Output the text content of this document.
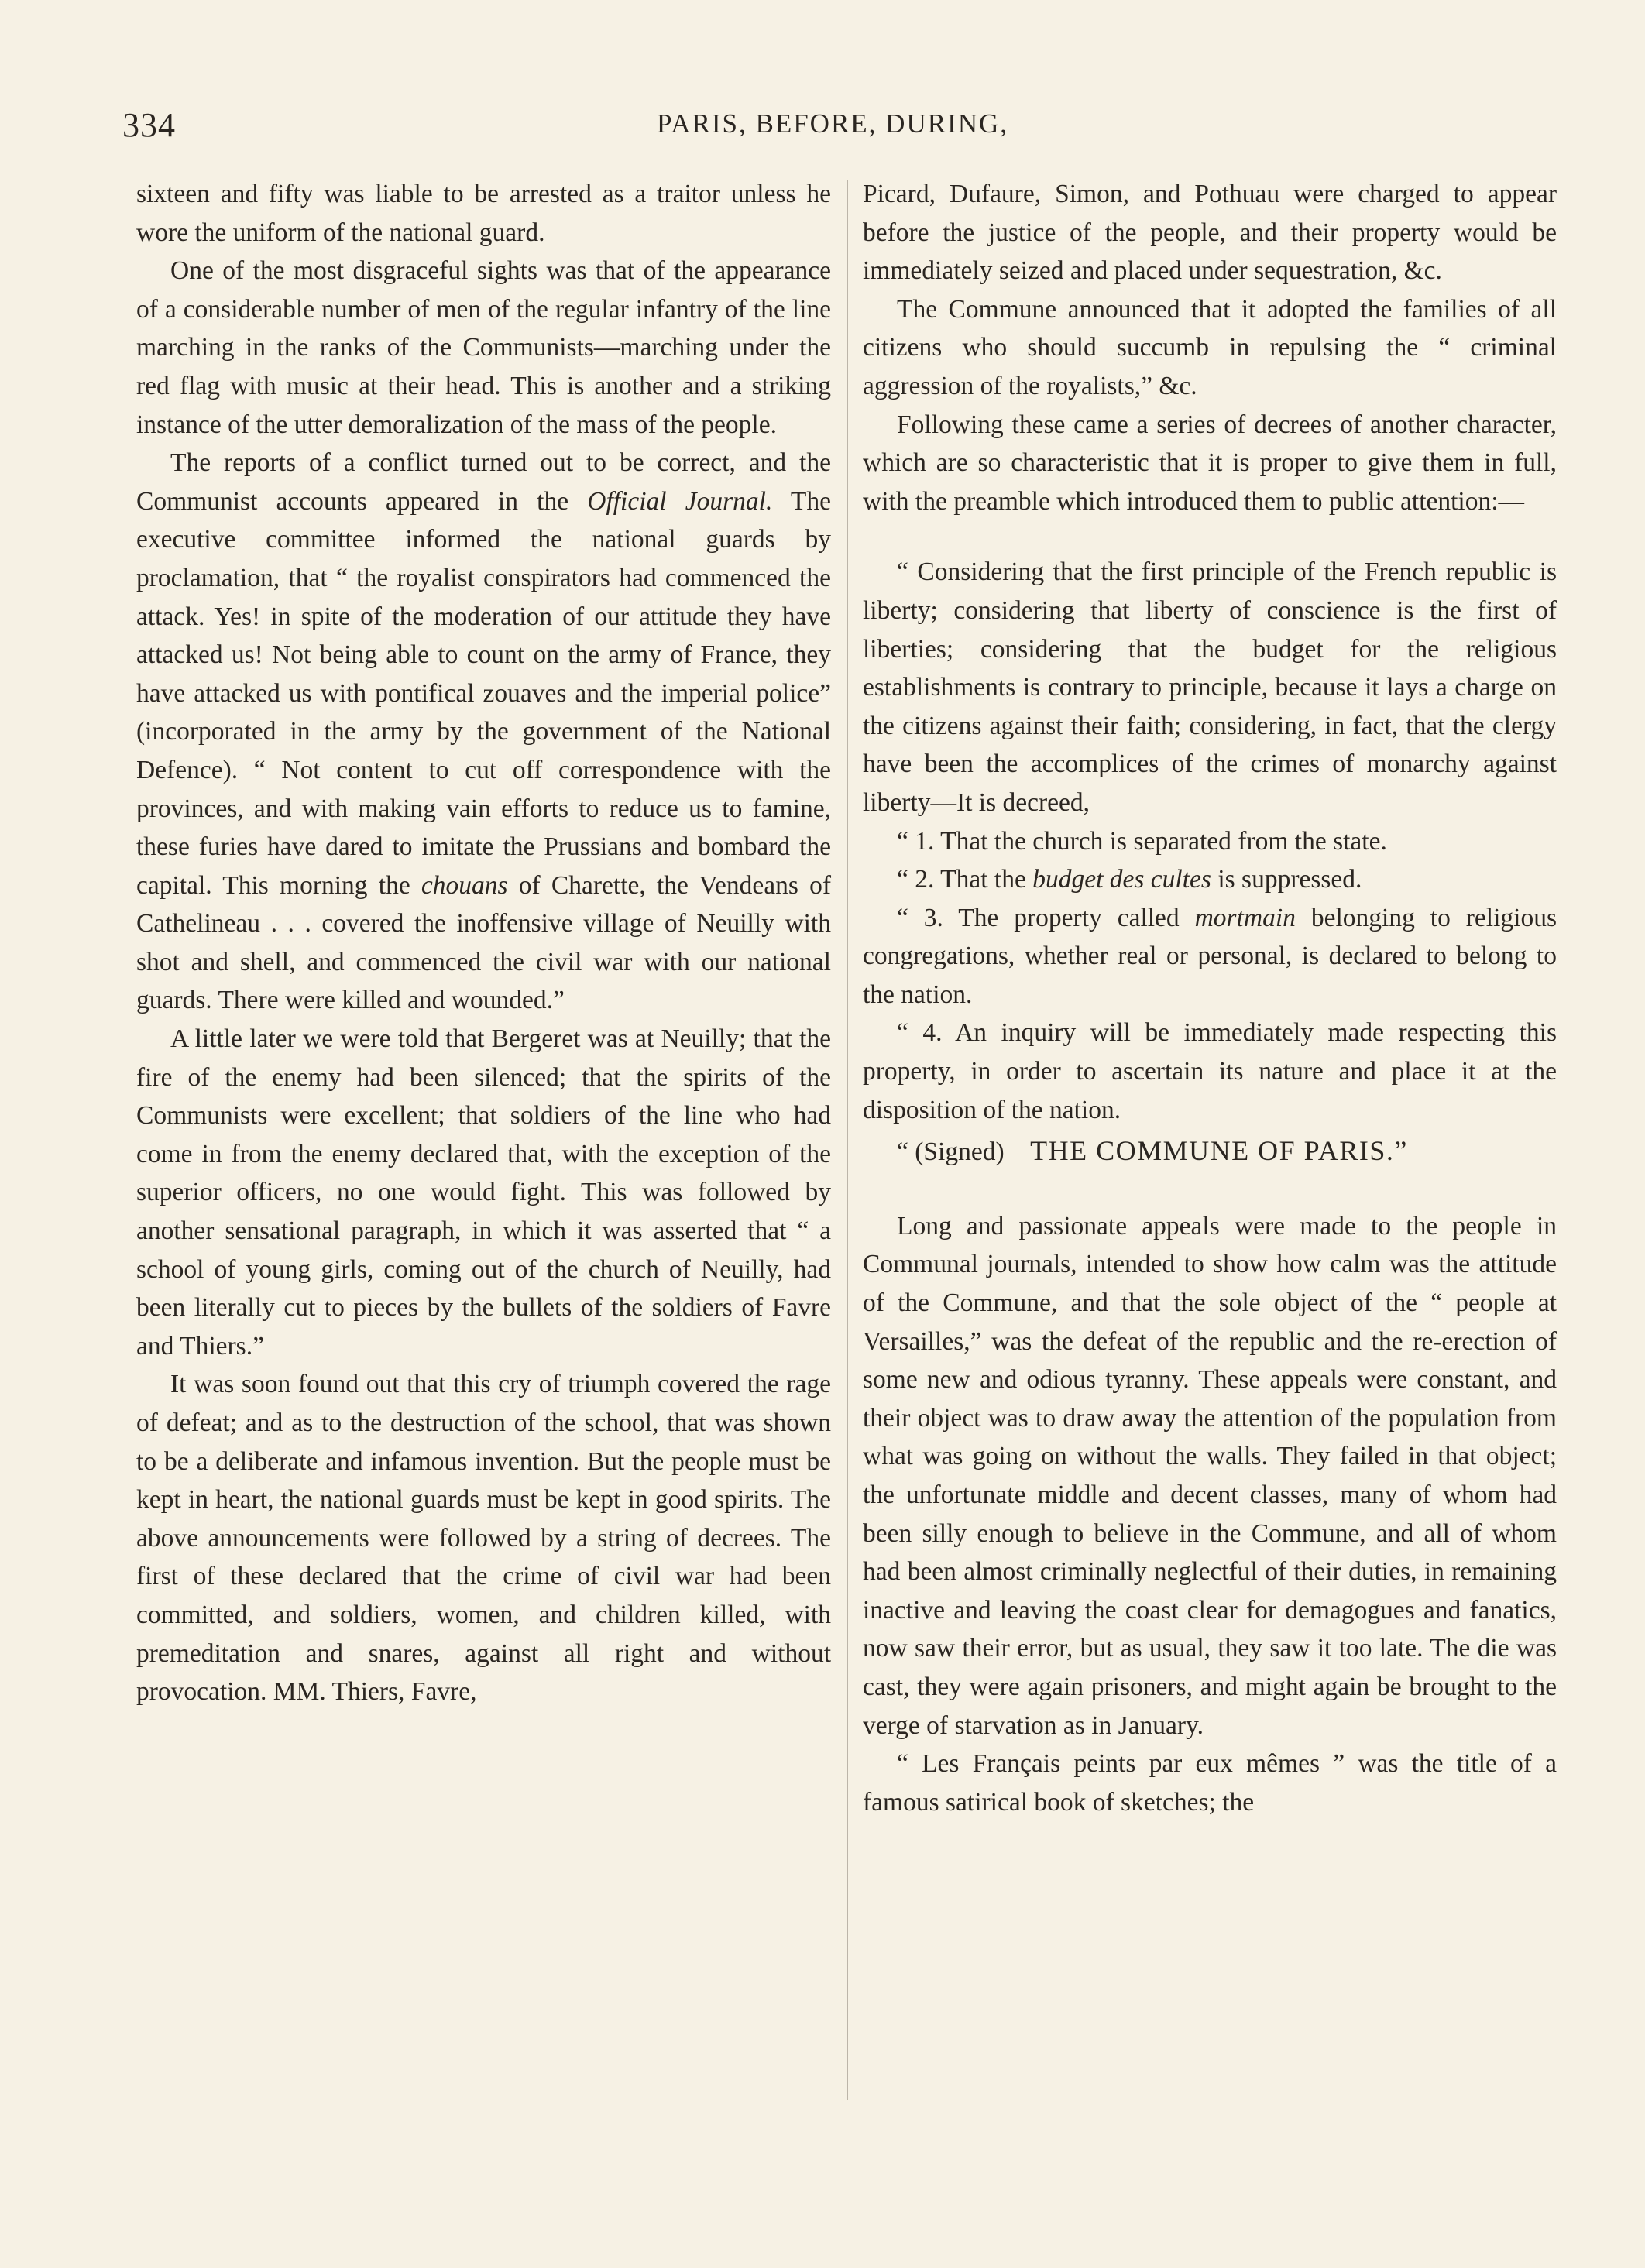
334	PARIS, BEFORE, DURING,

sixteen and fifty was liable to be arrested as a traitor unless he wore the uniform of the national guard.

One of the most disgraceful sights was that of the appearance of a considerable number of men of the regular infantry of the line marching in the ranks of the Communists—marching under the red flag with music at their head. This is another and a striking instance of the utter demoralization of the mass of the people.

The reports of a conflict turned out to be correct, and the Communist accounts appeared in the Official Journal. The executive committee informed the national guards by proclamation, that “ the royalist conspirators had commenced the attack. Yes! in spite of the moderation of our attitude they have attacked us! Not being able to count on the army of France, they have attacked us with pontifical zouaves and the imperial police” (incorporated in the army by the government of the National Defence). “ Not content to cut off correspondence with the provinces, and with making vain efforts to reduce us to famine, these furies have dared to imitate the Prussians and bombard the capital. This morning the chouans of Charette, the Vendeans of Cathelineau . . . covered the inoffensive village of Neuilly with shot and shell, and commenced the civil war with our national guards. There were killed and wounded.”

A little later we were told that Bergeret was at Neuilly; that the fire of the enemy had been silenced; that the spirits of the Communists were excellent; that soldiers of the line who had come in from the enemy declared that, with the exception of the superior officers, no one would fight. This was followed by another sensational paragraph, in which it was asserted that “ a school of young girls, coming out of the church of Neuilly, had been literally cut to pieces by the bullets of the soldiers of Favre and Thiers.”

It was soon found out that this cry of triumph covered the rage of defeat; and as to the destruction of the school, that was shown to be a deliberate and infamous invention. But the people must be kept in heart, the national guards must be kept in good spirits. The above announcements were followed by a string of decrees. The first of these declared that the crime of civil war had been committed, and soldiers, women, and children killed, with premeditation and snares, against all right and without provocation. MM. Thiers, Favre,

Picard, Dufaure, Simon, and Pothuau were charged to appear before the justice of the people, and their property would be immediately seized and placed under sequestration, &c.

The Commune announced that it adopted the families of all citizens who should succumb in repulsing the “ criminal aggression of the royalists,” &c.

Following these came a series of decrees of another character, which are so characteristic that it is proper to give them in full, with the preamble which introduced them to public attention:—

“ Considering that the first principle of the French republic is liberty; considering that liberty of conscience is the first of liberties; considering that the budget for the religious establishments is contrary to principle, because it lays a charge on the citizens against their faith; considering, in fact, that the clergy have been the accomplices of the crimes of monarchy against liberty—It is decreed,

“ 1. That the church is separated from the state.

“ 2. That the budget des cultes is suppressed.

“ 3. The property called mortmain belonging to religious congregations, whether real or personal, is declared to belong to the nation.

“ 4. An inquiry will be immediately made respecting this property, in order to ascertain its nature and place it at the disposition of the nation.

“ (Signed) THE COMMUNE OF PARIS.”

Long and passionate appeals were made to the people in Communal journals, intended to show how calm was the attitude of the Commune, and that the sole object of the “ people at Versailles,” was the defeat of the republic and the re-erection of some new and odious tyranny. These appeals were constant, and their object was to draw away the attention of the population from what was going on without the walls. They failed in that object; the unfortunate middle and decent classes, many of whom had been silly enough to believe in the Commune, and all of whom had been almost criminally neglectful of their duties, in remaining inactive and leaving the coast clear for demagogues and fanatics, now saw their error, but as usual, they saw it too late. The die was cast, they were again prisoners, and might again be brought to the verge of starvation as in January.

“ Les Français peints par eux mêmes ” was the title of a famous satirical book of sketches; the
